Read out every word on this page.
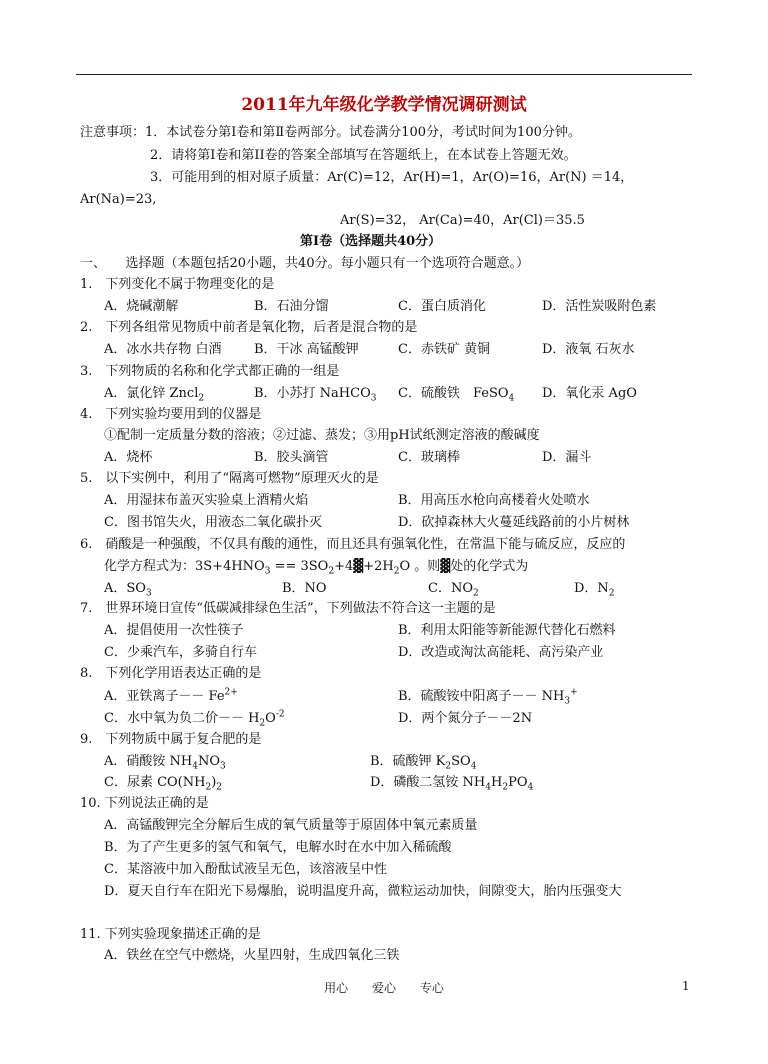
2011年九年级化学教学情况调研测试
注意事项：1．本试卷分第Ⅰ卷和第Ⅱ卷两部分。试卷满分100分，考试时间为100分钟。
2．请将第Ⅰ卷和第II卷的答案全部填写在答题纸上，在本试卷上答题无效。
3．可能用到的相对原子质量：Ar(C)=12，Ar(H)=1，Ar(O)=16，Ar(N) ＝14，
Ar(Na)=23,
Ar(S)=32， Ar(Ca)=40，Ar(Cl)＝35.5
第Ⅰ卷（选择题共40分）
一、　　选择题（本题包括20小题，共40分。每小题只有一个选项符合题意。）
1.　下列变化不属于物理变化的是
A．烧碱潮解	B．石油分馏	C．蛋白质消化	D．活性炭吸附色素
2.　下列各组常见物质中前者是氧化物，后者是混合物的是
A．冰水共存物 白酒 B．干冰 高锰酸钾	C．赤铁矿 黄铜	D．液氧 石灰水
3.　下列物质的名称和化学式都正确的一组是
A．氯化锌 Zncl$_2$	B．小苏打 NaHCO$_3$ C．硫酸铁　FeSO$_4$ D．氧化汞 AgO
4.　下列实验均要用到的仪器是
①配制一定质量分数的溶液；②过滤、蒸发；③用pH试纸测定溶液的酸碱度
A．烧杯	B．胶头滴管	C．玻璃棒	D．漏斗
5.　以下实例中，利用了“隔离可燃物”原理灭火的是
A．用湿抹布盖灭实验桌上酒精火焰	B．用高压水枪向高楼着火处喷水
C．图书馆失火，用液态二氧化碳扑灭	D．砍掉森林大火蔓延线路前的小片树林
6.　硝酸是一种强酸，不仅具有酸的通性，而且还具有强氧化性，在常温下能与硫反应，反应的
化学方程式为：$3S+4HNO_3$ == $3SO_2+4▓+2H_2O$ 。则▓处的化学式为
A．$SO_3$	B．NO	C．$NO_2$	D．$N_2$
7.　世界环境日宣传“低碳减排绿色生活”，下列做法不符合这一主题的是
A．提倡使用一次性筷子	B．利用太阳能等新能源代替化石燃料
C．少乘汽车，多骑自行车	D．改造或淘汰高能耗、高污染产业
8.　下列化学用语表达正确的是
A．亚铁离子－－ $Fe^{2+}$	B．硫酸铵中阳离子－－ $NH_3^+$
C．水中氧为负二价－－ $H_2O^{-2}$	D．两个氮分子－－2N
9.　下列物质中属于复合肥的是
A．硝酸铵 $NH_4NO_3$	B．硫酸钾 $K_2SO_4$
C．尿素 $CO(NH_2)_2$	D．磷酸二氢铵 $NH_4H_2PO_4$
10. 下列说法正确的是
A．高锰酸钾完全分解后生成的氧气质量等于原固体中氧元素质量
B．为了产生更多的氢气和氧气，电解水时在水中加入稀硫酸
C．某溶液中加入酚酞试液呈无色，该溶液呈中性
D．夏天自行车在阳光下易爆胎，说明温度升高，微粒运动加快，间隙变大，胎内压强变大
11. 下列实验现象描述正确的是
A．铁丝在空气中燃烧，火星四射，生成四氧化三铁
用心 爱心 专心	1
